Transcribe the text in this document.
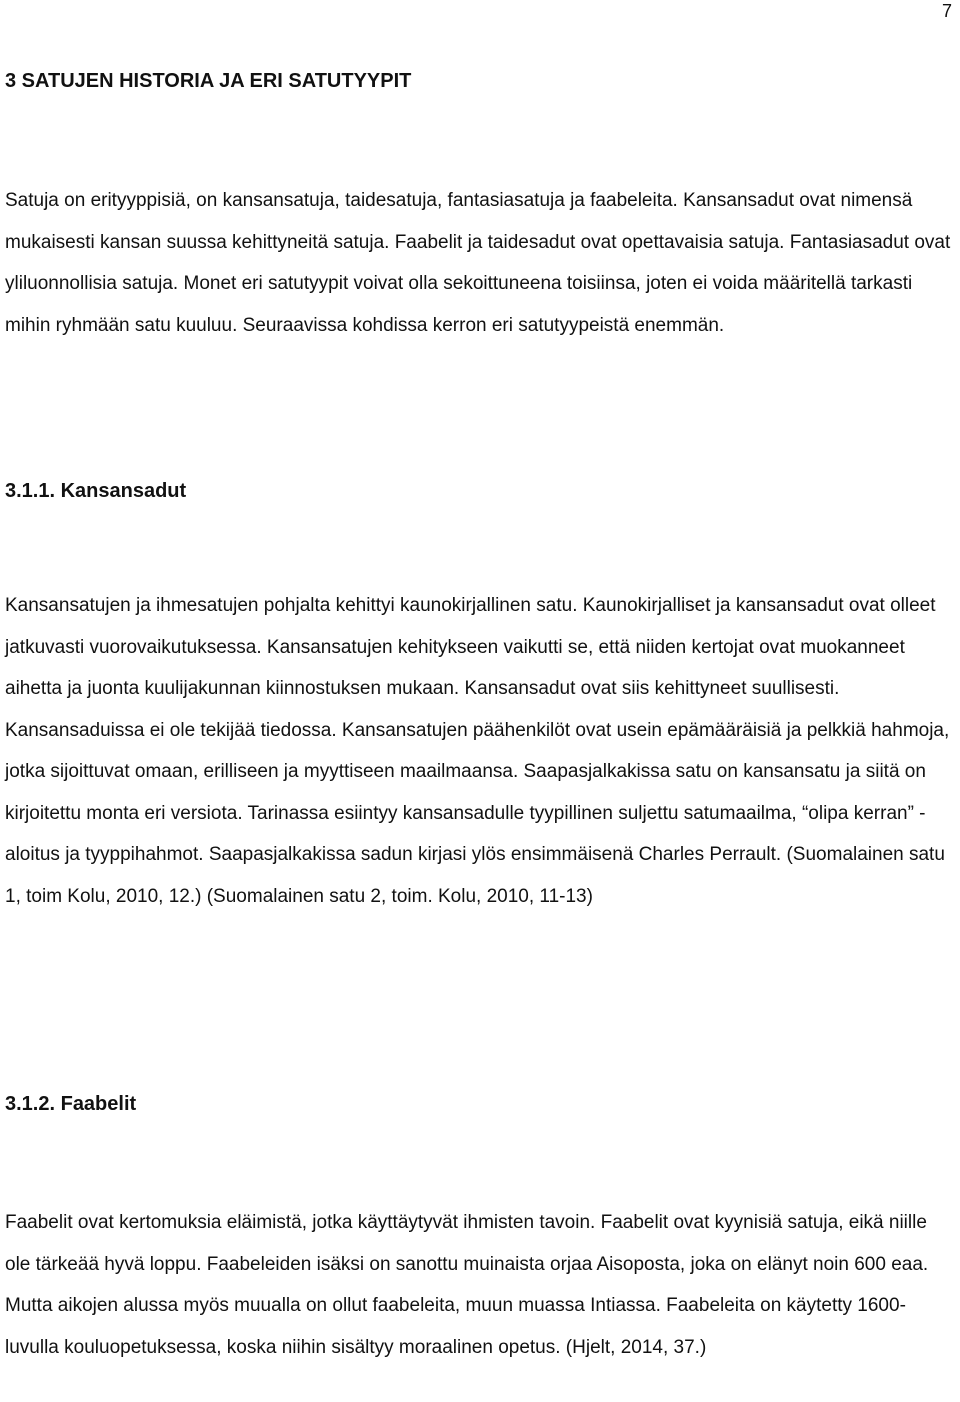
7
3 SATUJEN HISTORIA JA ERI SATUTYYPIT

Satuja on erityyppisiä, on kansansatuja, taidesatuja, fantasiasatuja ja faabeleita. Kansansadut ovat nimensä mukaisesti kansan suussa kehittyneitä satuja. Faabelit ja taidesadut ovat opettavaisia satuja. Fantasiasadut ovat yliluonnollisia satuja. Monet eri satutyypit voivat olla sekoittuneena toisiinsa, joten ei voida määritellä tarkasti mihin ryhmään satu kuuluu. Seuraavissa kohdissa kerron eri satutyypeistä enemmän.

3.1.1. Kansansadut

Kansansatujen ja ihmesatujen pohjalta kehittyi kaunokirjallinen satu. Kaunokirjalliset ja kansansadut ovat olleet jatkuvasti vuorovaikutuksessa. Kansansatujen kehitykseen vaikutti se, että niiden kertojat ovat muokanneet aihetta ja juonta kuulijakunnan kiinnostuksen mukaan. Kansansadut ovat siis kehittyneet suullisesti. Kansansaduissa ei ole tekijää tiedossa. Kansansatujen päähenkilöt ovat usein epämääräisiä ja pelkkiä hahmoja, jotka sijoittuvat omaan, erilliseen ja myyttiseen maailmaansa. Saapasjalkakissa satu on kansansatu ja siitä on kirjoitettu monta eri versiota. Tarinassa esiintyy kansansadulle tyypillinen suljettu satumaailma, “olipa kerran” -aloitus ja tyyppihahmot. Saapasjalkakissa sadun kirjasi ylös ensimmäisenä Charles Perrault. (Suomalainen satu 1, toim Kolu, 2010, 12.) (Suomalainen satu 2, toim. Kolu, 2010, 11-13)

3.1.2. Faabelit

Faabelit ovat kertomuksia eläimistä, jotka käyttäytyvät ihmisten tavoin. Faabelit ovat kyynisiä satuja, eikä niille ole tärkeää hyvä loppu. Faabeleiden isäksi on sanottu muinaista orjaa Aisopostа, joka on elänyt noin 600 eaa. Mutta aikojen alussa myös muualla on ollut faabeleita, muun muassa Intiassa. Faabeleita on käytetty 1600-luvulla kouluopetuksessa, koska niihin sisältyy moraalinen opetus. (Hjelt, 2014, 37.)
